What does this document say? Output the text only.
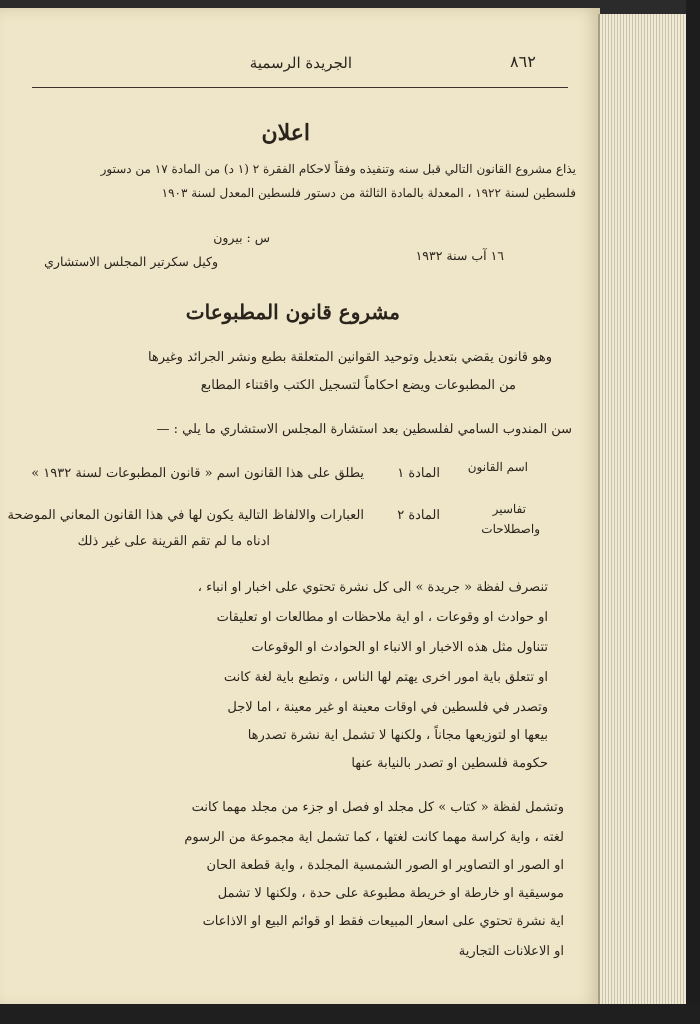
الجريدة الرسمية	٨٦٢
اعلان
يذاع مشروع القانون التالي قبل سنه وتنفيذه وفقاً لاحكام الفقرة ٢ (١ د) من المادة ١٧ من دستور
فلسطين لسنة ١٩٢٢ ، المعدلة بالمادة الثالثة من دستور فلسطين المعدل لسنة ١٩٠٣
س : بيرون
وكيل سكرتير المجلس الاستشاري	١٦ آب سنة ١٩٣٢
مشروع قانون المطبوعات
وهو قانون يقضي بتعديل وتوحيد القوانين المتعلقة بطبع ونشر الجرائد وغيرها
من المطبوعات ويضع احكاماً لتسجيل الكتب واقتناء المطابع
سن المندوب السامي لفلسطين بعد استشارة المجلس الاستشاري ما يلي : —
اسم القانون
المادة ١
يطلق على هذا القانون اسم « قانون المطبوعات لسنة ١٩٣٢ »
تفاسير
واصطلاحات
المادة ٢
العبارات والالفاظ التالية يكون لها في هذا القانون المعاني الموضحة
ادناه ما لم تقم القرينة على غير ذلك
تنصرف لفظة « جريدة » الى كل نشرة تحتوي على اخبار او انباء ،
او حوادث او وقوعات ، او اية ملاحظات او مطالعات او تعليقات
تتناول مثل هذه الاخبار او الانباء او الحوادث او الوقوعات
او تتعلق باية امور اخرى يهتم لها الناس ، وتطبع باية لغة كانت
وتصدر في فلسطين في اوقات معينة او غير معينة ، اما لاجل
بيعها او لتوزيعها مجاناً ، ولكنها لا تشمل اية نشرة تصدرها
حكومة فلسطين او تصدر بالنيابة عنها
وتشمل لفظة « كتاب » كل مجلد او فصل او جزء من مجلد مهما كانت
لغته ، واية كراسة مهما كانت لغتها ، كما تشمل اية مجموعة من الرسوم
او الصور او التصاوير او الصور الشمسية المجلدة ، واية قطعة الحان
موسيقية او خارطة او خريطة مطبوعة على حدة ، ولكنها لا تشمل
اية نشرة تحتوي على اسعار المبيعات فقط او قوائم البيع او الاذاعات
او الاعلانات التجارية
